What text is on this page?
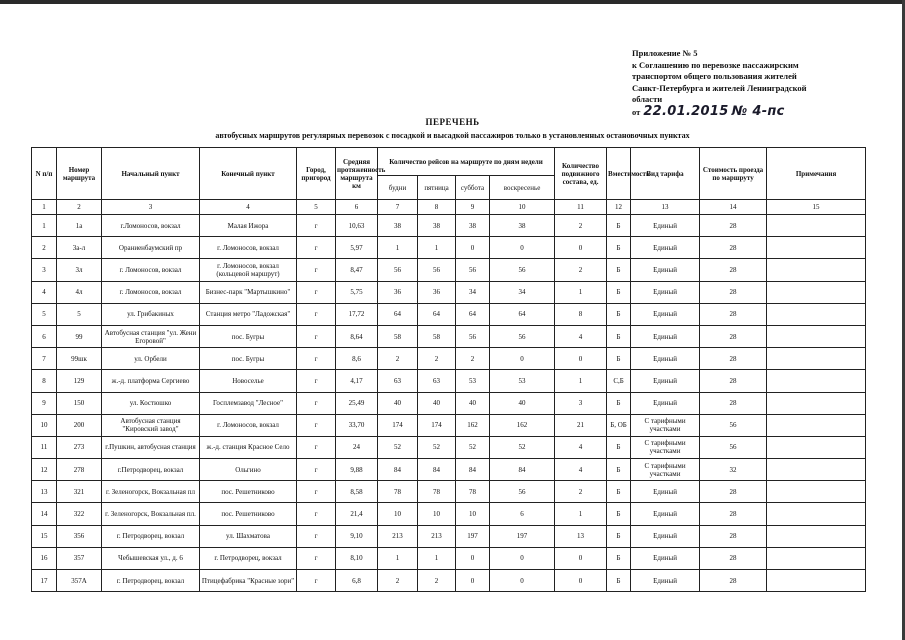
Приложение № 5
к Соглашению по перевозке пассажирским
транспортом общего пользования жителей
Санкт-Петербурга и жителей Ленинградской
области
от 22.01.2015 № 4-пс
ПЕРЕЧЕНЬ
автобусных маршрутов регулярных перевозок с посадкой и высадкой пассажиров только в установленных остановочных пунктах
N п/п	Номер маршрута	Начальный пункт	Конечный пункт	Город, пригород	Средняя протяженность маршрута км	Количество рейсов на маршруте по дням недели				Количество подвижного состава, ед.	Вместимость	Вид тарифа	Стоимость проезда по маршруту	Примечания
						будни	пятница	суббота	воскресенье					
1	2	3	4	5	6	7	8	9	10	11	12	13	14	15
1	1а	г.Ломоносов, вокзал	Малая Ижора	г	10,63	38	38	38	38	2	Б	Единый	28	
2	3а-л	Ораниенбаумский пр	г. Ломоносов, вокзал	г	5,97	1	1	0	0	0	Б	Единый	28	
3	3л	г. Ломоносов, вокзал	г. Ломоносов, вокзал (кольцевой маршрут)	г	8,47	56	56	56	56	2	Б	Единый	28	
4	4л	г. Ломоносов, вокзал	Бизнес-парк "Мартышкино"	г	5,75	36	36	34	34	1	Б	Единый	28	
5	5	ул. Грибакиных	Станция метро "Ладожская"	г	17,72	64	64	64	64	8	Б	Единый	28	
6	99	Автобусная станция "ул. Жени Егоровой"	пос. Бугры	г	8,64	58	58	56	56	4	Б	Единый	28	
7	99шк	ул. Орбели	пос. Бугры	г	8,6	2	2	2	0	0	Б	Единый	28	
8	129	ж.-д. платформа Сергиево	Новоселье	г	4,17	63	63	53	53	1	С,Б	Единый	28	
9	150	ул. Костюшко	Госплемзавод "Лесное"	г	25,49	40	40	40	40	3	Б	Единый	28	
10	200	Автобусная станция "Кировский завод"	г. Ломоносов, вокзал	г	33,70	174	174	162	162	21	Б, ОБ	С тарифными участками	56	
11	273	г.Пушкин, автобусная станция	ж.-д. станция Красное Село	г	24	52	52	52	52	4	Б	С тарифными участками	56	
12	278	г.Петродворец, вокзал	Ольгино	г	9,88	84	84	84	84	4	Б	С тарифными участками	32	
13	321	г. Зеленогорск, Вокзальная пл	пос. Решетниково	г	8,58	78	78	78	56	2	Б	Единый	28	
14	322	г. Зеленогорск, Вокзальная пл.	пос. Решетниково	г	21,4	10	10	10	6	1	Б	Единый	28	
15	356	г. Петродворец, вокзал	ул. Шахматова	г	9,10	213	213	197	197	13	Б	Единый	28	
16	357	Чебышевская ул., д. 6	г. Петродворец, вокзал	г	8,10	1	1	0	0	0	Б	Единый	28	
17	357А	г. Петродворец, вокзал	Птицефабрика "Красные зори"	г	6,8	2	2	0	0	0	Б	Единый	28	
